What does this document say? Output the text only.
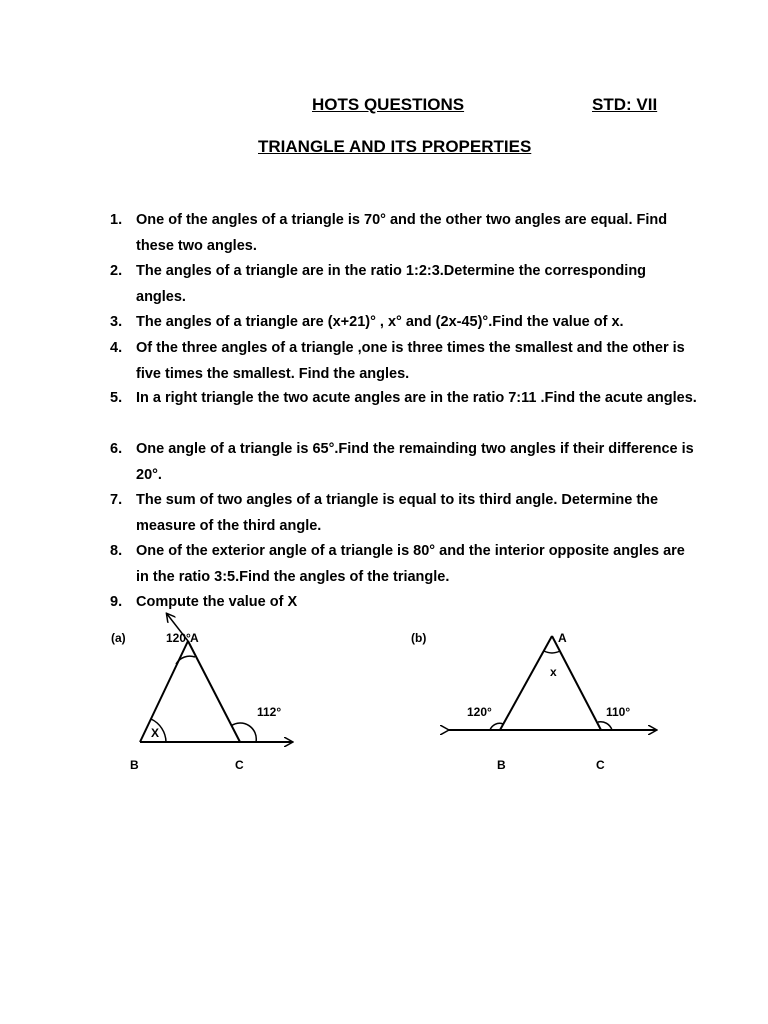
HOTS QUESTIONS	STD: VII
TRIANGLE AND ITS PROPERTIES
1. One of the angles of a triangle is 70° and the other two angles are equal. Find these two angles.
2. The angles of a triangle are in the ratio 1:2:3.Determine the corresponding angles.
3. The angles of a triangle are (x+21)° , x° and (2x-45)°.Find the value of x.
4. Of the three angles of a triangle ,one is three times the smallest and the other is five times the smallest. Find the angles.
5. In a right triangle the two acute angles are in the ratio 7:11 .Find the acute angles.
6. One angle of a triangle is 65°.Find the remainding two angles if their difference is 20°.
7. The sum of two angles of a triangle is equal to its third angle. Determine the measure of the third angle.
8. One of the exterior angle of a triangle is 80° and the interior opposite angles are in the ratio 3:5.Find the angles of the triangle.
9. Compute the value of X
(a)	120° A
112°
X
B	C
(b)	A
x
120°	110°
B	C
